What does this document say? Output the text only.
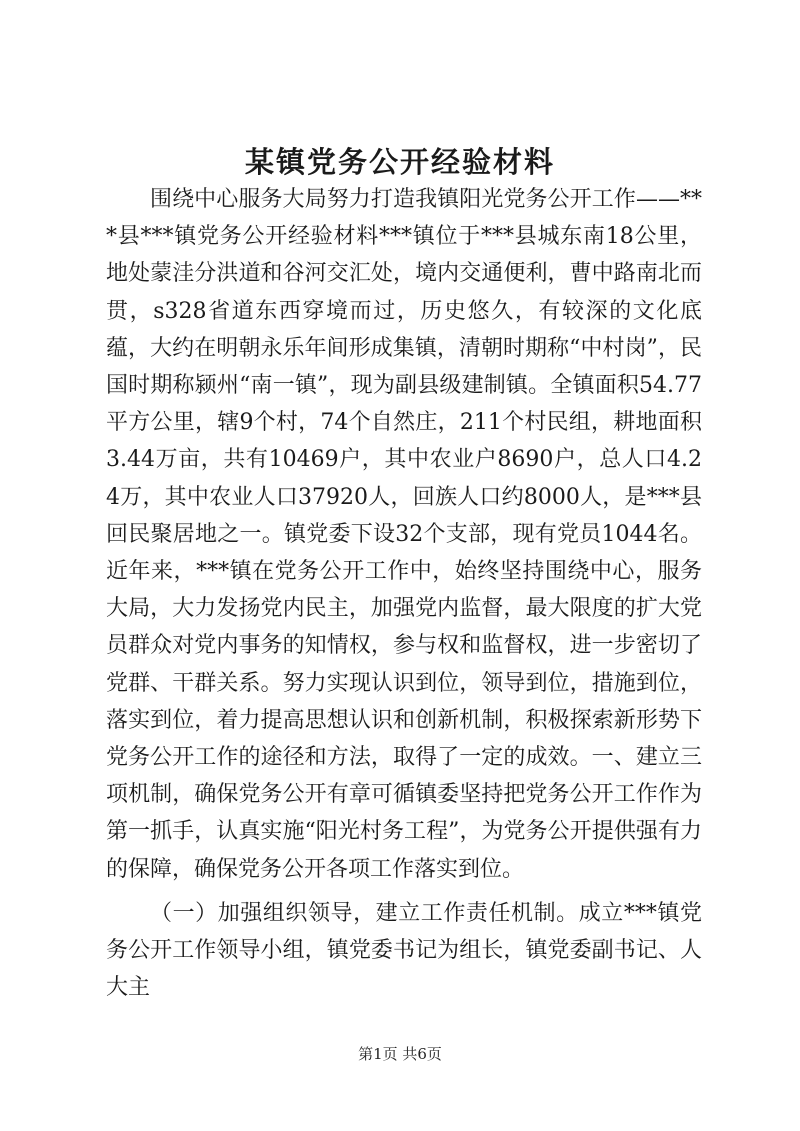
某镇党务公开经验材料

围绕中心服务大局努力打造我镇阳光党务公开工作——***县***镇党务公开经验材料***镇位于***县城东南18公里，地处蒙洼分洪道和谷河交汇处，境内交通便利，曹中路南北而贯，s328省道东西穿境而过，历史悠久，有较深的文化底蕴，大约在明朝永乐年间形成集镇，清朝时期称“中村岗”，民国时期称颍州“南一镇”，现为副县级建制镇。全镇面积54.77平方公里，辖9个村，74个自然庄，211个村民组，耕地面积3.44万亩，共有10469户，其中农业户8690户，总人口4.24万，其中农业人口37920人，回族人口约8000人，是***县回民聚居地之一。镇党委下设32个支部，现有党员1044名。近年来，***镇在党务公开工作中，始终坚持围绕中心，服务大局，大力发扬党内民主，加强党内监督，最大限度的扩大党员群众对党内事务的知情权，参与权和监督权，进一步密切了党群、干群关系。努力实现认识到位，领导到位，措施到位，落实到位，着力提高思想认识和创新机制，积极探索新形势下党务公开工作的途径和方法，取得了一定的成效。一、建立三项机制，确保党务公开有章可循镇委坚持把党务公开工作作为第一抓手，认真实施“阳光村务工程”，为党务公开提供强有力的保障，确保党务公开各项工作落实到位。

（一）加强组织领导，建立工作责任机制。成立***镇党务公开工作领导小组，镇党委书记为组长，镇党委副书记、人大主

第1页 共6页
